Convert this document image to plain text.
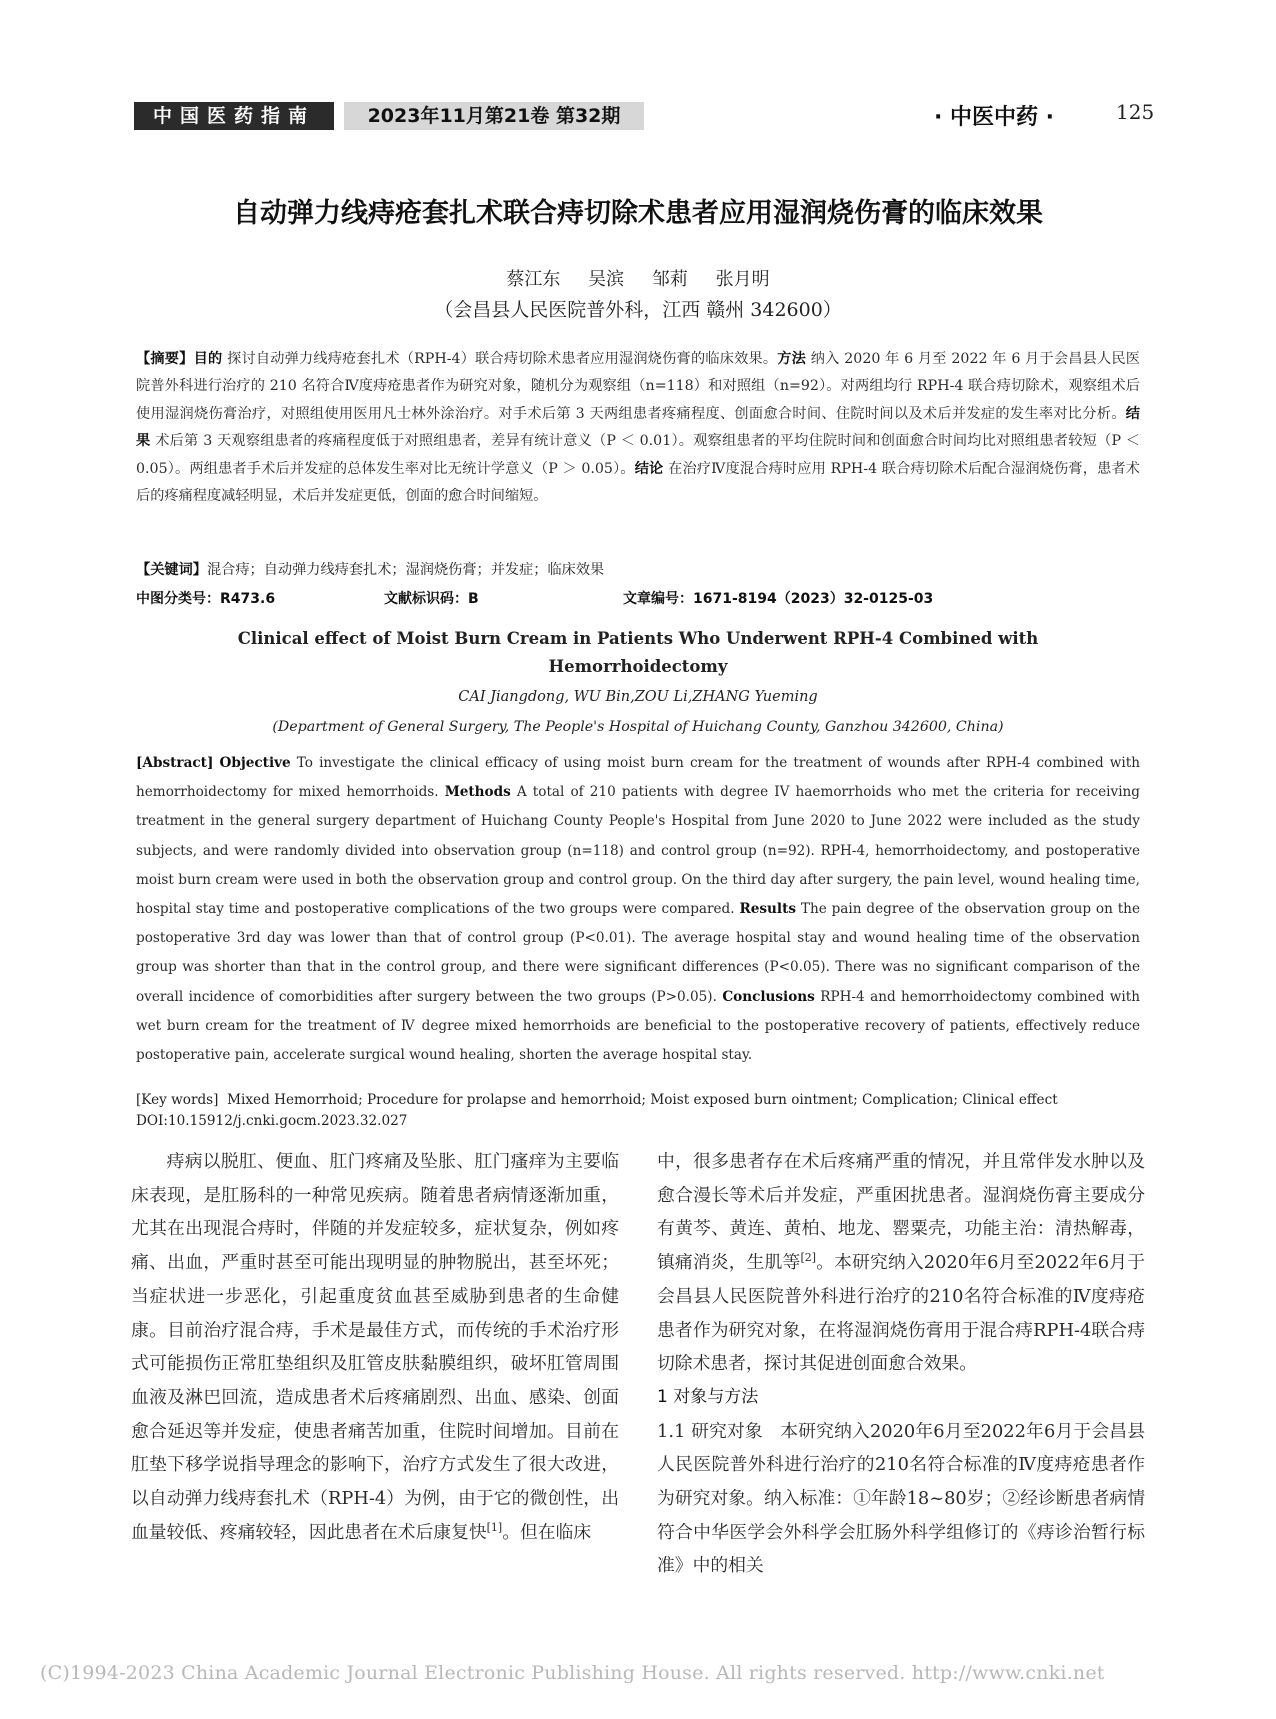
中国医药指南	2023年11月第21卷 第32期	· 中医中药 ·	125
自动弹力线痔疮套扎术联合痔切除术患者应用湿润烧伤膏的临床效果
蔡江东 吴滨 邹莉 张月明
（会昌县人民医院普外科，江西 赣州 342600）
【摘要】目的 探讨自动弹力线痔疮套扎术（RPH-4）联合痔切除术患者应用湿润烧伤膏的临床效果。方法 纳入 2020 年 6 月至 2022 年 6 月于会昌县人民医院普外科进行治疗的 210 名符合Ⅳ度痔疮患者作为研究对象，随机分为观察组（n=118）和对照组（n=92）。对两组均行 RPH-4 联合痔切除术，观察组术后使用湿润烧伤膏治疗，对照组使用医用凡士林外涂治疗。对手术后第 3 天两组患者疼痛程度、创面愈合时间、住院时间以及术后并发症的发生率对比分析。结果 术后第 3 天观察组患者的疼痛程度低于对照组患者，差异有统计意义（P ＜ 0.01）。观察组患者的平均住院时间和创面愈合时间均比对照组患者较短（P ＜ 0.05）。两组患者手术后并发症的总体发生率对比无统计学意义（P ＞ 0.05）。结论 在治疗Ⅳ度混合痔时应用 RPH-4 联合痔切除术后配合湿润烧伤膏，患者术后的疼痛程度减轻明显，术后并发症更低，创面的愈合时间缩短。
【关键词】混合痔；自动弹力线痔套扎术；湿润烧伤膏；并发症；临床效果
中图分类号：R473.6	文献标识码：B	文章编号：1671-8194（2023）32-0125-03
Clinical effect of Moist Burn Cream in Patients Who Underwent RPH-4 Combined with Hemorrhoidectomy
CAI Jiangdong, WU Bin,ZOU Li,ZHANG Yueming
(Department of General Surgery, The People's Hospital of Huichang County, Ganzhou 342600, China)
[Abstract] Objective To investigate the clinical efficacy of using moist burn cream for the treatment of wounds after RPH-4 combined with hemorrhoidectomy for mixed hemorrhoids. Methods A total of 210 patients with degree IV haemorrhoids who met the criteria for receiving treatment in the general surgery department of Huichang County People's Hospital from June 2020 to June 2022 were included as the study subjects, and were randomly divided into observation group (n=118) and control group (n=92). RPH-4, hemorrhoidectomy, and postoperative moist burn cream were used in both the observation group and control group. On the third day after surgery, the pain level, wound healing time, hospital stay time and postoperative complications of the two groups were compared. Results The pain degree of the observation group on the postoperative 3rd day was lower than that of control group (P<0.01). The average hospital stay and wound healing time of the observation group was shorter than that in the control group, and there were significant differences (P<0.05). There was no significant comparison of the overall incidence of comorbidities after surgery between the two groups (P>0.05). Conclusions RPH-4 and hemorrhoidectomy combined with wet burn cream for the treatment of Ⅳ degree mixed hemorrhoids are beneficial to the postoperative recovery of patients, effectively reduce postoperative pain, accelerate surgical wound healing, shorten the average hospital stay.
[Key words] Mixed Hemorrhoid; Procedure for prolapse and hemorrhoid; Moist exposed burn ointment; Complication; Clinical effect
DOI:10.15912/j.cnki.gocm.2023.32.027

痔病以脱肛、便血、肛门疼痛及坠胀、肛门瘙痒为主要临床表现，是肛肠科的一种常见疾病。随着患者病情逐渐加重，尤其在出现混合痔时，伴随的并发症较多，症状复杂，例如疼痛、出血，严重时甚至可能出现明显的肿物脱出，甚至坏死；当症状进一步恶化，引起重度贫血甚至威胁到患者的生命健康。目前治疗混合痔，手术是最佳方式，而传统的手术治疗形式可能损伤正常肛垫组织及肛管皮肤黏膜组织，破坏肛管周围血液及淋巴回流，造成患者术后疼痛剧烈、出血、感染、创面愈合延迟等并发症，使患者痛苦加重，住院时间增加。目前在肛垫下移学说指导理念的影响下，治疗方式发生了很大改进，以自动弹力线痔套扎术（RPH-4）为例，由于它的微创性，出血量较低、疼痛较轻，因此患者在术后康复快[1]。但在临床

中，很多患者存在术后疼痛严重的情况，并且常伴发水肿以及愈合漫长等术后并发症，严重困扰患者。湿润烧伤膏主要成分有黄芩、黄连、黄柏、地龙、罂粟壳，功能主治：清热解毒，镇痛消炎，生肌等[2]。本研究纳入2020年6月至2022年6月于会昌县人民医院普外科进行治疗的210名符合标准的Ⅳ度痔疮患者作为研究对象，在将湿润烧伤膏用于混合痔RPH-4联合痔切除术患者，探讨其促进创面愈合效果。

1 对象与方法

1.1 研究对象 本研究纳入2020年6月至2022年6月于会昌县人民医院普外科进行治疗的210名符合标准的Ⅳ度痔疮患者作为研究对象。纳入标准：①年龄18~80岁；②经诊断患者病情符合中华医学会外科学会肛肠外科学组修订的《痔诊治暂行标准》中的相关

(C)1994-2023 China Academic Journal Electronic Publishing House. All rights reserved. http://www.cnki.net
